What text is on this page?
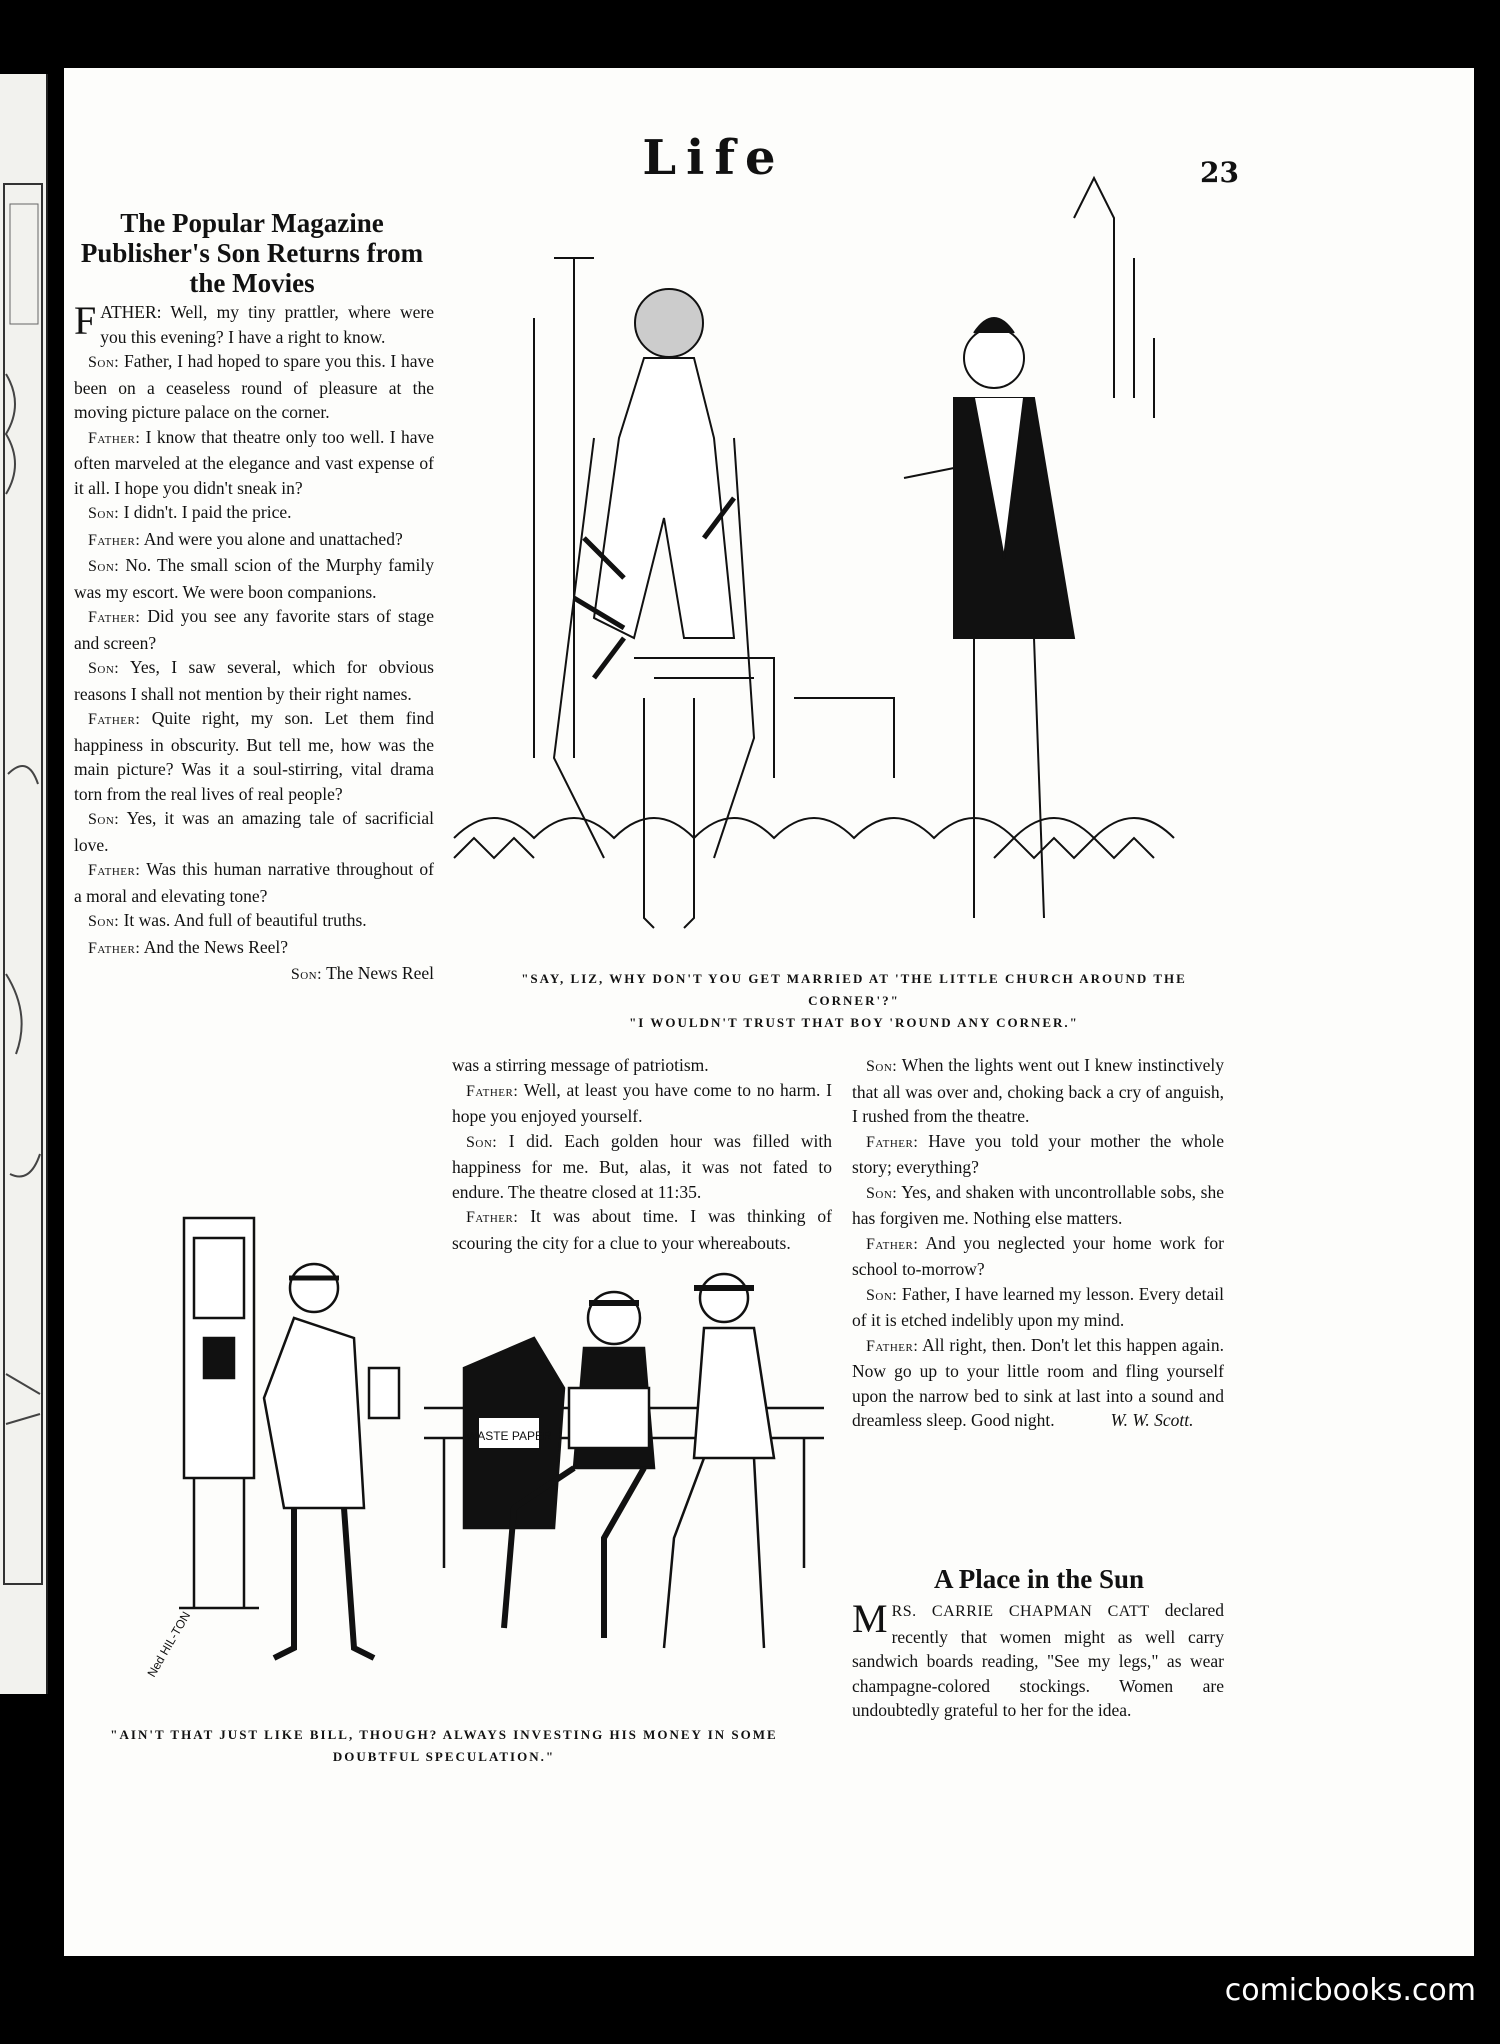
Life	23
The Popular Magazine Publisher's Son Returns from the Movies

FATHER: Well, my tiny prattler, where were you this evening? I have a right to know.

Son: Father, I had hoped to spare you this. I have been on a ceaseless round of pleasure at the moving picture palace on the corner.

Father: I know that theatre only too well. I have often marveled at the elegance and vast expense of it all. I hope you didn't sneak in?

Son: I didn't. I paid the price.

Father: And were you alone and unattached?

Son: No. The small scion of the Murphy family was my escort. We were boon companions.

Father: Did you see any favorite stars of stage and screen?

Son: Yes, I saw several, which for obvious reasons I shall not mention by their right names.

Father: Quite right, my son. Let them find happiness in obscurity. But tell me, how was the main picture? Was it a soul-stirring, vital drama torn from the real lives of real people?

Son: Yes, it was an amazing tale of sacrificial love.

Father: Was this human narrative throughout of a moral and elevating tone?

Son: It was. And full of beautiful truths.

Father: And the News Reel?

Son: The News Reel	"SAY, LIZ, WHY DON'T YOU GET MARRIED AT 'THE LITTLE CHURCH AROUND THE CORNER'?"
"I WOULDN'T TRUST THAT BOY 'ROUND ANY CORNER."

was a stirring message of patriotism.

Father: Well, at least you have come to no harm. I hope you enjoyed yourself.

Son: I did. Each golden hour was filled with happiness for me. But, alas, it was not fated to endure. The theatre closed at 11:35.

Father: It was about time. I was thinking of scouring the city for a clue to your whereabouts.

Son: When the lights went out I knew instinctively that all was over and, choking back a cry of anguish, I rushed from the theatre.

Father: Have you told your mother the whole story; everything?

Son: Yes, and shaken with uncontrollable sobs, she has forgiven me. Nothing else matters.

Father: And you neglected your home work for school to-morrow?

Son: Father, I have learned my lesson. Every detail of it is etched indelibly upon my mind.

Father: All right, then. Don't let this happen again. Now go up to your little room and fling yourself upon the narrow bed to sink at last into a sound and dreamless sleep. Good night.	W. W. Scott.

A Place in the Sun

MRS. CARRIE CHAPMAN CATT declared recently that women might as well carry sandwich boards reading, "See my legs," as wear champagne-colored stockings. Women are undoubtedly grateful to her for the idea.

WASTE PAPER
Ned HIL-TON
"AIN'T THAT JUST LIKE BILL, THOUGH? ALWAYS INVESTING HIS MONEY IN SOME DOUBTFUL SPECULATION."
comicbooks.com
